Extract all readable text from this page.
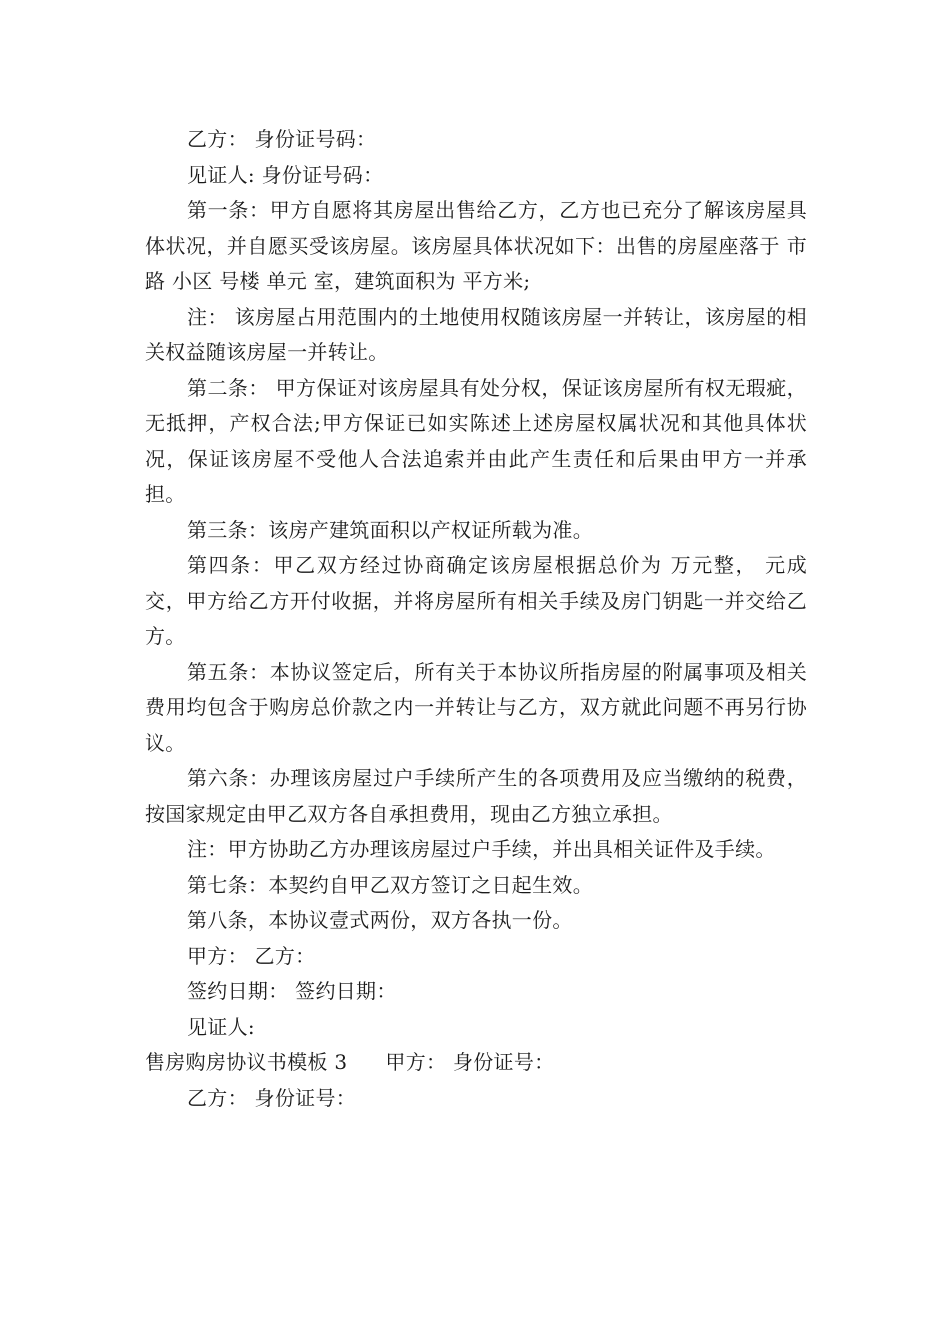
乙方： 身份证号码：

见证人: 身份证号码：

第一条：甲方自愿将其房屋出售给乙方，乙方也已充分了解该房屋具体状况，并自愿买受该房屋。该房屋具体状况如下：出售的房屋座落于 市 路 小区 号楼 单元 室，建筑面积为 平方米;

注： 该房屋占用范围内的土地使用权随该房屋一并转让，该房屋的相关权益随该房屋一并转让。

第二条： 甲方保证对该房屋具有处分权，保证该房屋所有权无瑕疵，无抵押，产权合法;甲方保证已如实陈述上述房屋权属状况和其他具体状况，保证该房屋不受他人合法追索并由此产生责任和后果由甲方一并承担。

第三条：该房产建筑面积以产权证所载为准。

第四条：甲乙双方经过协商确定该房屋根据总价为 万元整， 元成交，甲方给乙方开付收据，并将房屋所有相关手续及房门钥匙一并交给乙方。

第五条：本协议签定后，所有关于本协议所指房屋的附属事项及相关费用均包含于购房总价款之内一并转让与乙方，双方就此问题不再另行协议。

第六条：办理该房屋过户手续所产生的各项费用及应当缴纳的税费，按国家规定由甲乙双方各自承担费用，现由乙方独立承担。

注：甲方协助乙方办理该房屋过户手续，并出具相关证件及手续。

第七条：本契约自甲乙双方签订之日起生效。

第八条，本协议壹式两份，双方各执一份。

甲方： 乙方：

签约日期： 签约日期：

见证人:

售房购房协议书模板 3 甲方： 身份证号：

乙方： 身份证号：
